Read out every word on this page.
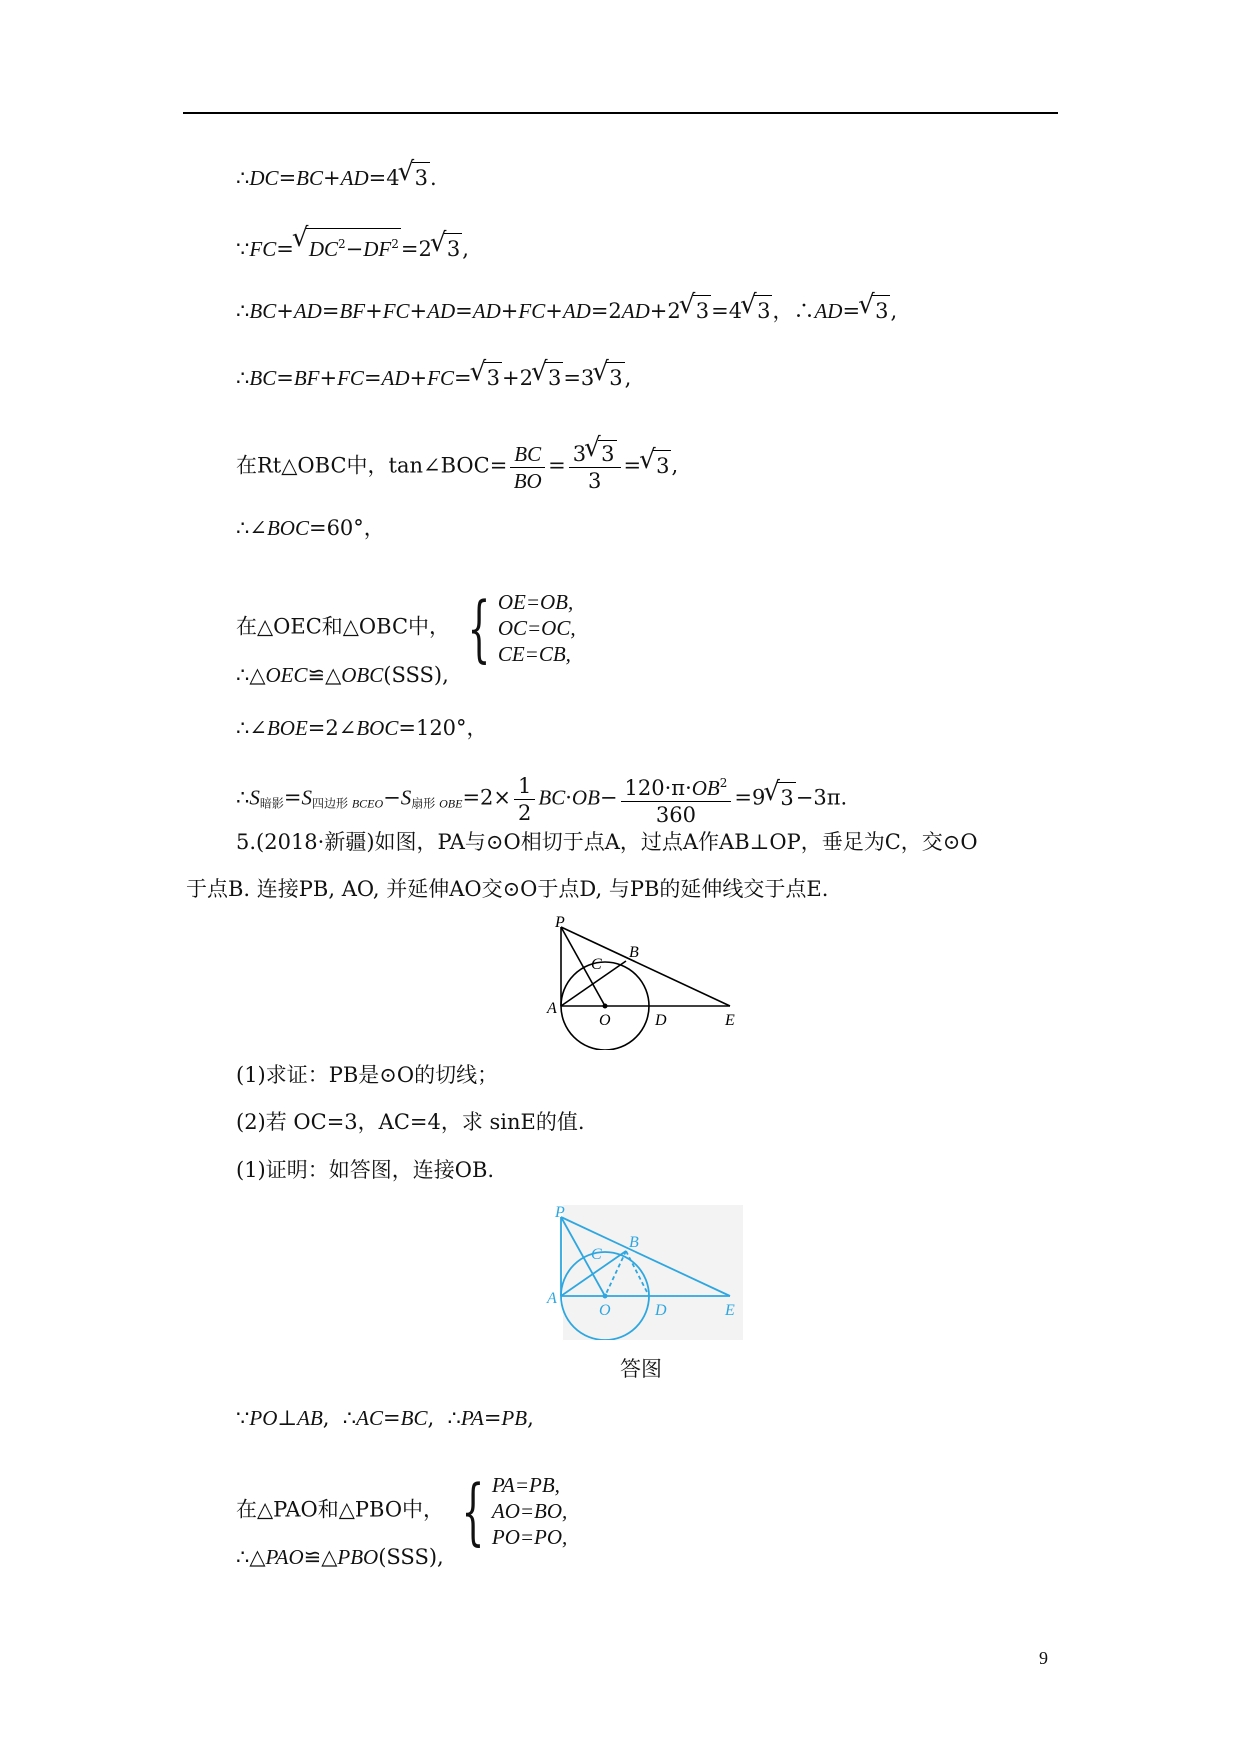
∴DC=BC+AD=4√ 3.
∵FC=√ $DC^2-DF^2=2√$ 3,
∴BC+AD=BF+FC+AD=AD+FC+AD=2AD+2√ 3=4√ 3，∴AD=√ 3,
∴BC=BF+FC=AD+FC=√ 3+2√ 3=3√ 3,
在Rt△OBC中，tan∠BOC= $\frac{BC}{BO} = \frac{3√ 3}{3}$ =√ 3,
∴∠BOC=60°，
在△OEC和△OBC中， { OE=OB,
OC=OC,
CE=CB,
∴△OEC≌△OBC(SSS),
∴∠BOE=2∠BOC=120°，
$\therefore S_{暗影}=S_{四边形 BCEO}-S_{扇形 OBE}=2\times \frac{1}{2} BC\cdot OB- \frac{120\cdot\pi\cdot OB^2}{360} =9√$ 3−3π.
5.(2018·新疆)如图，PA与⊙O相切于点A，过点A作AB⊥OP，垂足为C，交⊙O
于点B. 连接PB, AO, 并延伸AO交⊙O于点D, 与PB的延伸线交于点E.
P
C
B
A
O	D	E
(1)求证：PB是⊙O的切线；
(2)若 OC=3，AC=4，求 sinE的值.
(1)证明：如答图，连接OB.
P
C
B
A
O	D	E
答图
∵PO⊥AB,  ∴AC=BC,  ∴PA=PB,
在△PAO和△PBO中， { PA=PB,
AO=BO,
PO=PO,
∴△PAO≌△PBO(SSS),
9
